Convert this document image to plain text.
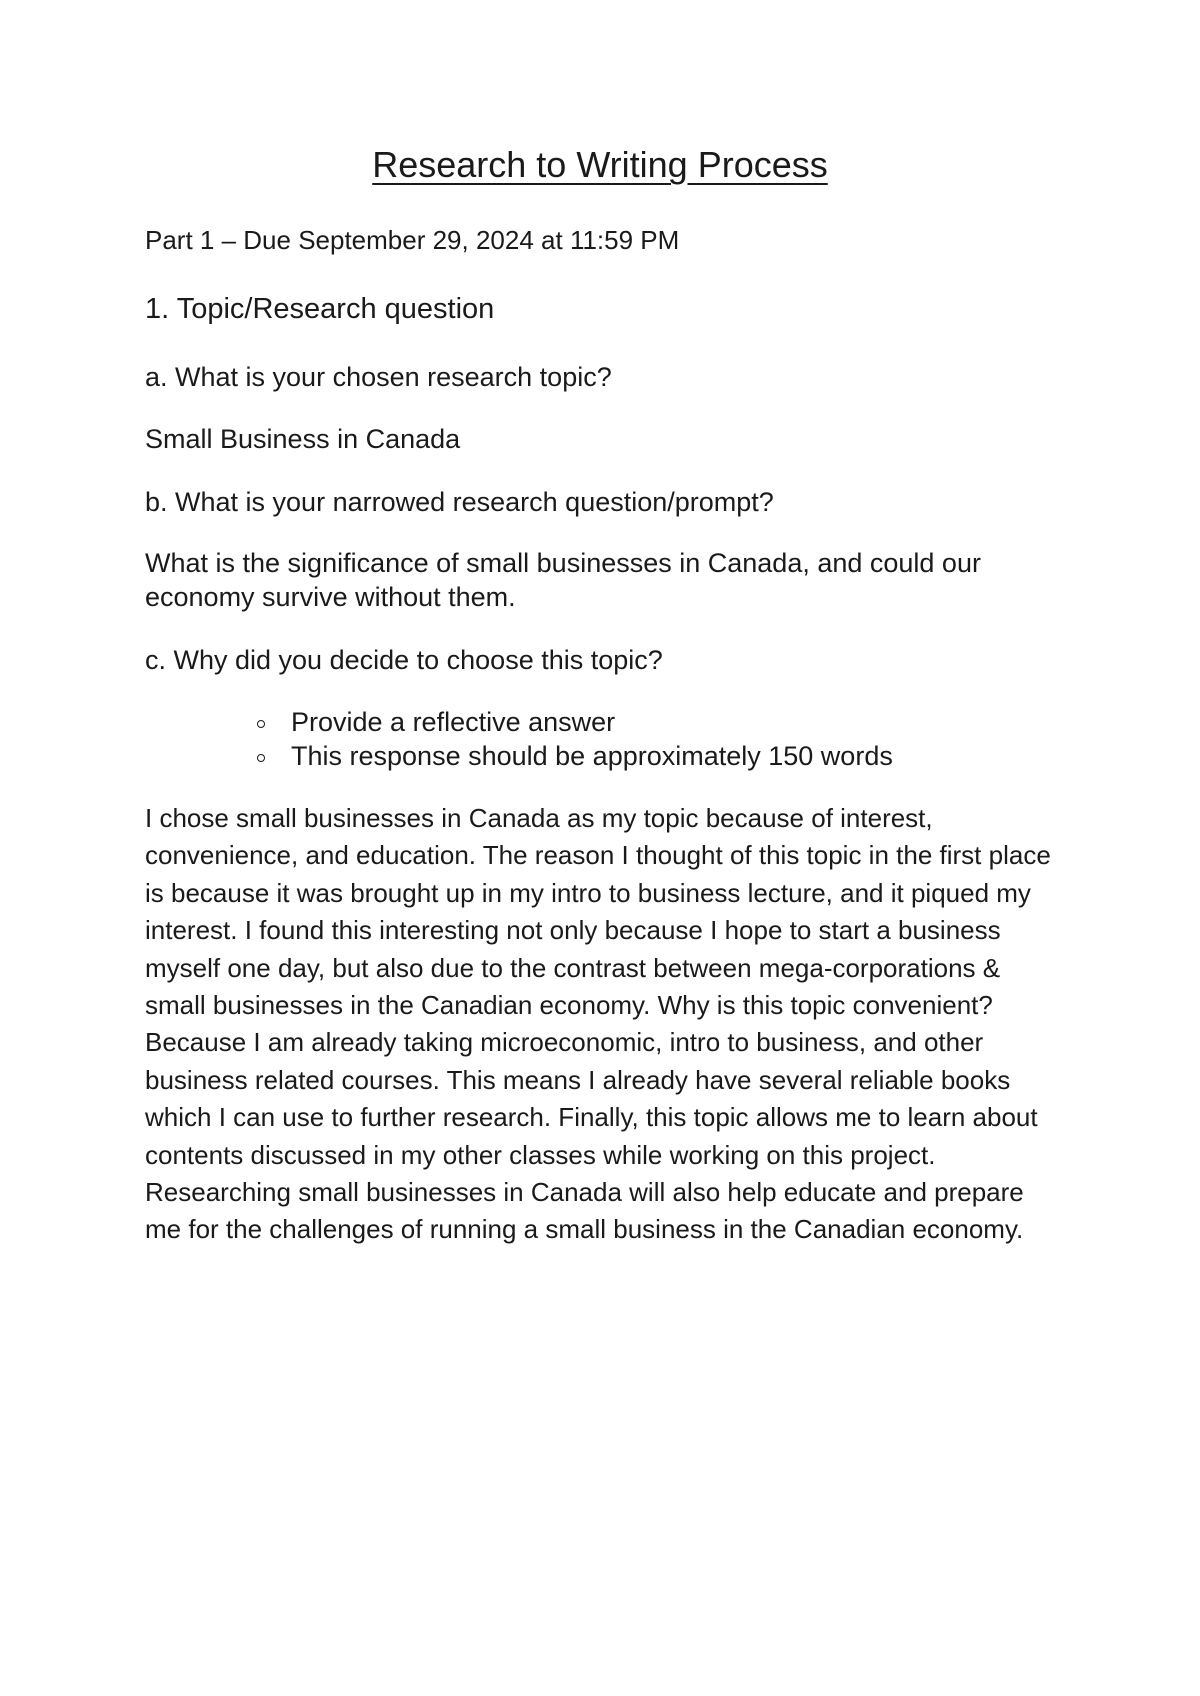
Research to Writing Process

Part 1 – Due September 29, 2024 at 11:59 PM

1. Topic/Research question

a. What is your chosen research topic?

Small Business in Canada

b. What is your narrowed research question/prompt?

What is the significance of small businesses in Canada, and could our economy survive without them.

c. Why did you decide to choose this topic?

Provide a reflective answer
This response should be approximately 150 words

I chose small businesses in Canada as my topic because of interest, convenience, and education. The reason I thought of this topic in the first place is because it was brought up in my intro to business lecture, and it piqued my interest. I found this interesting not only because I hope to start a business myself one day, but also due to the contrast between mega-corporations & small businesses in the Canadian economy. Why is this topic convenient? Because I am already taking microeconomic, intro to business, and other business related courses. This means I already have several reliable books which I can use to further research. Finally, this topic allows me to learn about contents discussed in my other classes while working on this project. Researching small businesses in Canada will also help educate and prepare me for the challenges of running a small business in the Canadian economy.
